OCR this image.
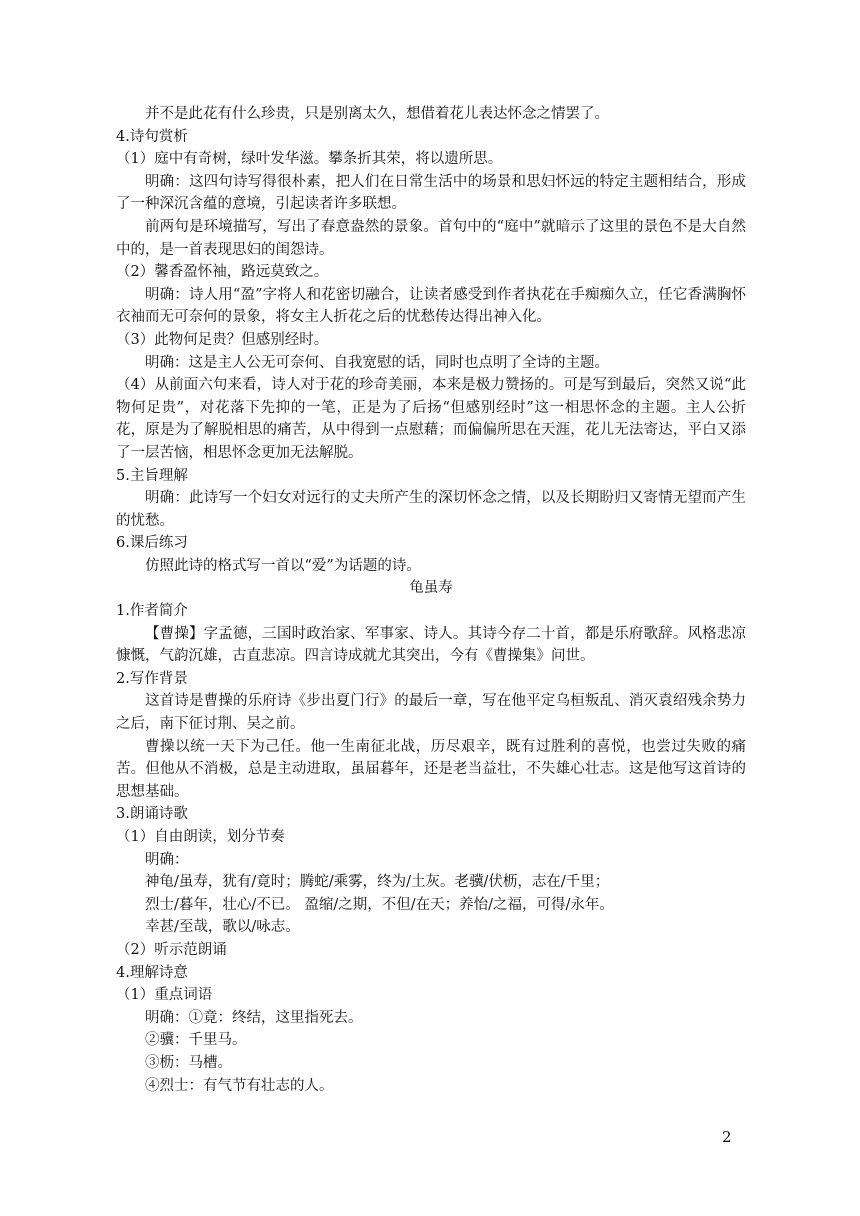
并不是此花有什么珍贵，只是别离太久，想借着花儿表达怀念之情罢了。
4.诗句赏析
（1）庭中有奇树，绿叶发华滋。攀条折其荣，将以遗所思。
明确：这四句诗写得很朴素，把人们在日常生活中的场景和思妇怀远的特定主题相结合，形成了一种深沉含蕴的意境，引起读者许多联想。
前两句是环境描写，写出了春意盎然的景象。首句中的“庭中”就暗示了这里的景色不是大自然中的，是一首表现思妇的闺怨诗。
（2）馨香盈怀袖，路远莫致之。
明确：诗人用“盈”字将人和花密切融合，让读者感受到作者执花在手痴痴久立，任它香满胸怀衣袖而无可奈何的景象，将女主人折花之后的忧愁传达得出神入化。
（3）此物何足贵？但感别经时。
明确：这是主人公无可奈何、自我宽慰的话，同时也点明了全诗的主题。
（4）从前面六句来看，诗人对于花的珍奇美丽，本来是极力赞扬的。可是写到最后，突然又说“此物何足贵”，对花落下先抑的一笔，正是为了后扬“但感别经时”这一相思怀念的主题。主人公折花，原是为了解脱相思的痛苦，从中得到一点慰藉；而偏偏所思在天涯，花儿无法寄达，平白又添了一层苦恼，相思怀念更加无法解脱。
5.主旨理解
明确：此诗写一个妇女对远行的丈夫所产生的深切怀念之情，以及长期盼归又寄情无望而产生的忧愁。
6.课后练习
仿照此诗的格式写一首以“爱”为话题的诗。
龟虽寿
1.作者简介
【曹操】字孟德，三国时政治家、军事家、诗人。其诗今存二十首，都是乐府歌辞。风格悲凉慷慨，气韵沉雄，古直悲凉。四言诗成就尤其突出，今有《曹操集》问世。
2.写作背景
这首诗是曹操的乐府诗《步出夏门行》的最后一章，写在他平定乌桓叛乱、消灭袁绍残余势力之后，南下征讨荆、吴之前。
曹操以统一天下为己任。他一生南征北战，历尽艰辛，既有过胜利的喜悦，也尝过失败的痛苦。但他从不消极，总是主动进取，虽届暮年，还是老当益壮，不失雄心壮志。这是他写这首诗的思想基础。
3.朗诵诗歌
（1）自由朗读，划分节奏
明确：
神龟/虽寿，犹有/竟时；腾蛇/乘雾，终为/土灰。老骥/伏枥，志在/千里；
烈士/暮年，壮心/不已。 盈缩/之期，不但/在天；养怡/之福，可得/永年。
幸甚/至哉，歌以/咏志。
（2）听示范朗诵
4.理解诗意
（1）重点词语
明确：①竟：终结，这里指死去。
②骥：千里马。
③枥：马槽。
④烈士：有气节有壮志的人。
2
